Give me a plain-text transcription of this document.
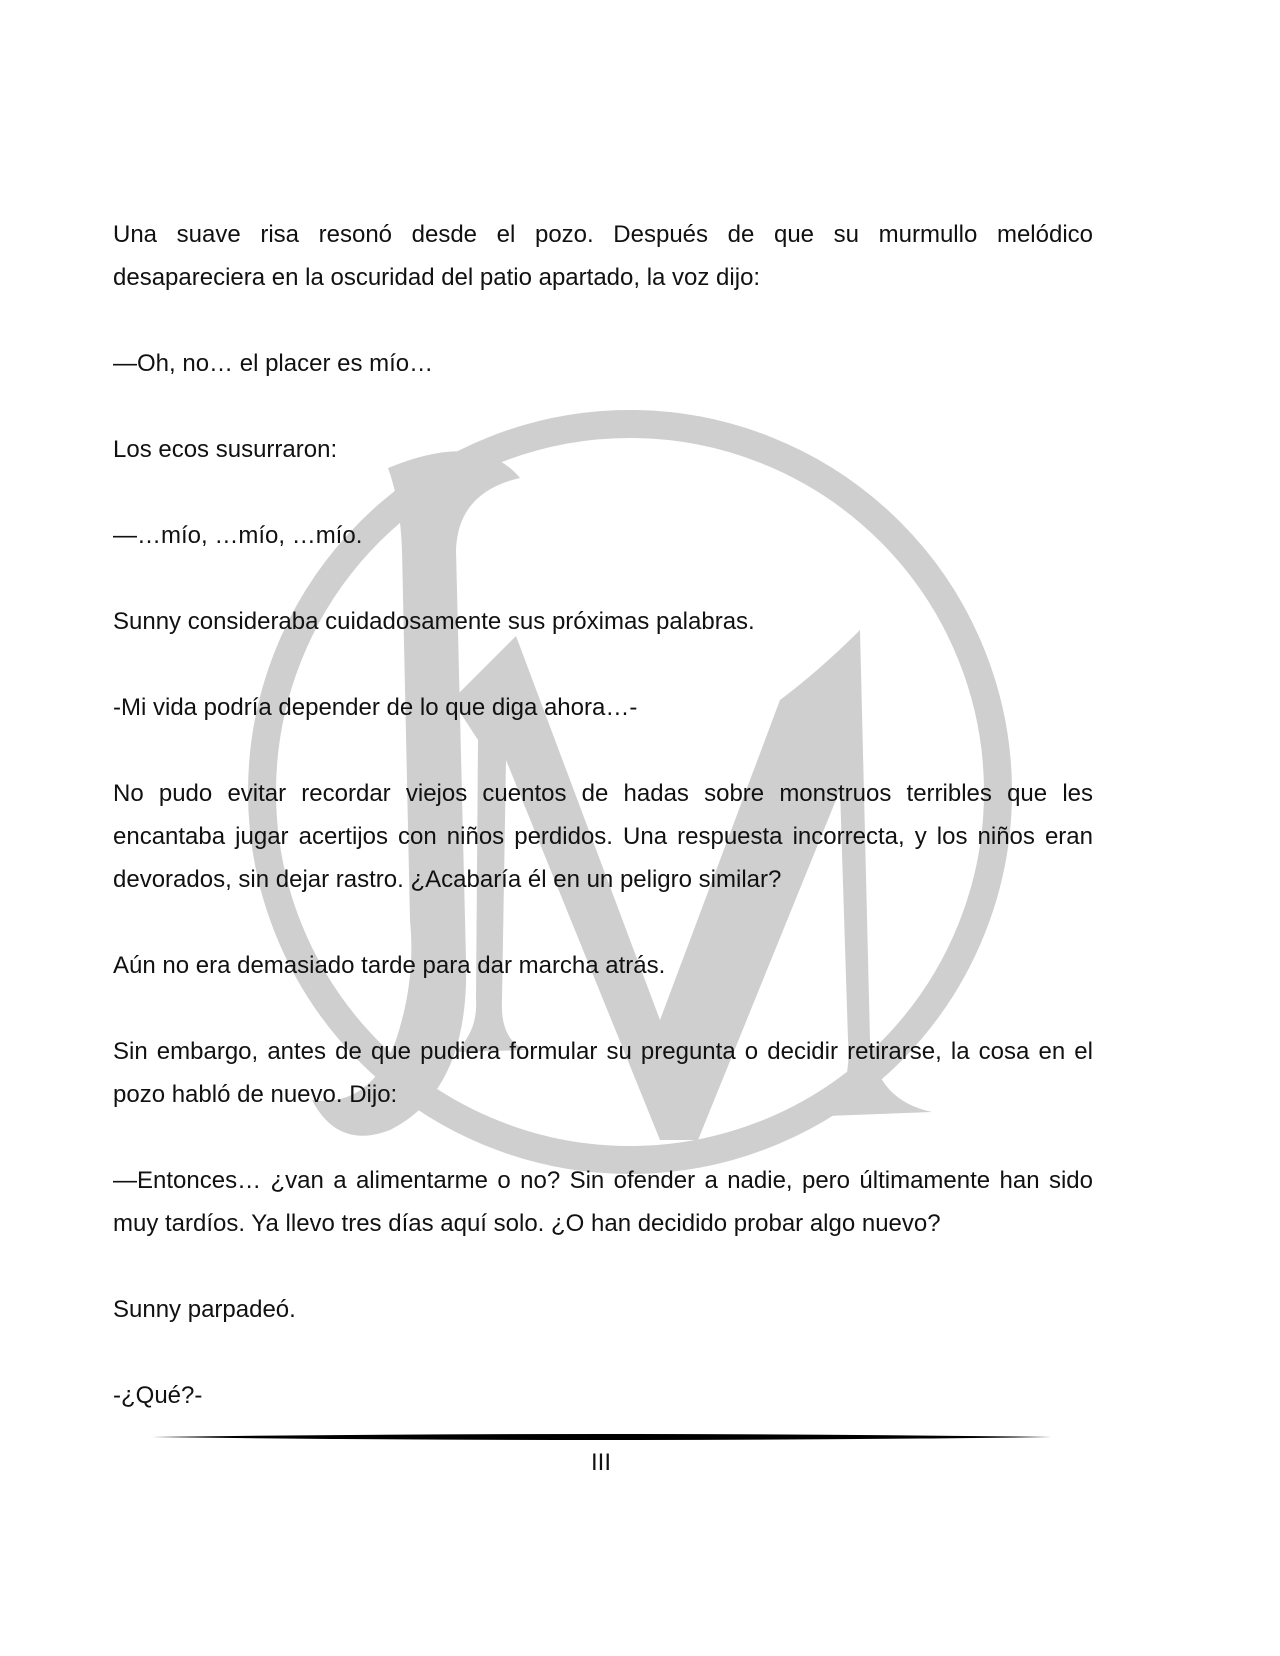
Una suave risa resonó desde el pozo. Después de que su murmullo melódico desapareciera en la oscuridad del patio apartado, la voz dijo:

—Oh, no… el placer es mío…

Los ecos susurraron:

—…mío, …mío, …mío.

Sunny consideraba cuidadosamente sus próximas palabras.

-Mi vida podría depender de lo que diga ahora…-

No pudo evitar recordar viejos cuentos de hadas sobre monstruos terribles que les encantaba jugar acertijos con niños perdidos. Una respuesta incorrecta, y los niños eran devorados, sin dejar rastro. ¿Acabaría él en un peligro similar?

Aún no era demasiado tarde para dar marcha atrás.

Sin embargo, antes de que pudiera formular su pregunta o decidir retirarse, la cosa en el pozo habló de nuevo. Dijo:

—Entonces… ¿van a alimentarme o no? Sin ofender a nadie, pero últimamente han sido muy tardíos. Ya llevo tres días aquí solo. ¿O han decidido probar algo nuevo?

Sunny parpadeó.

-¿Qué?-

III
